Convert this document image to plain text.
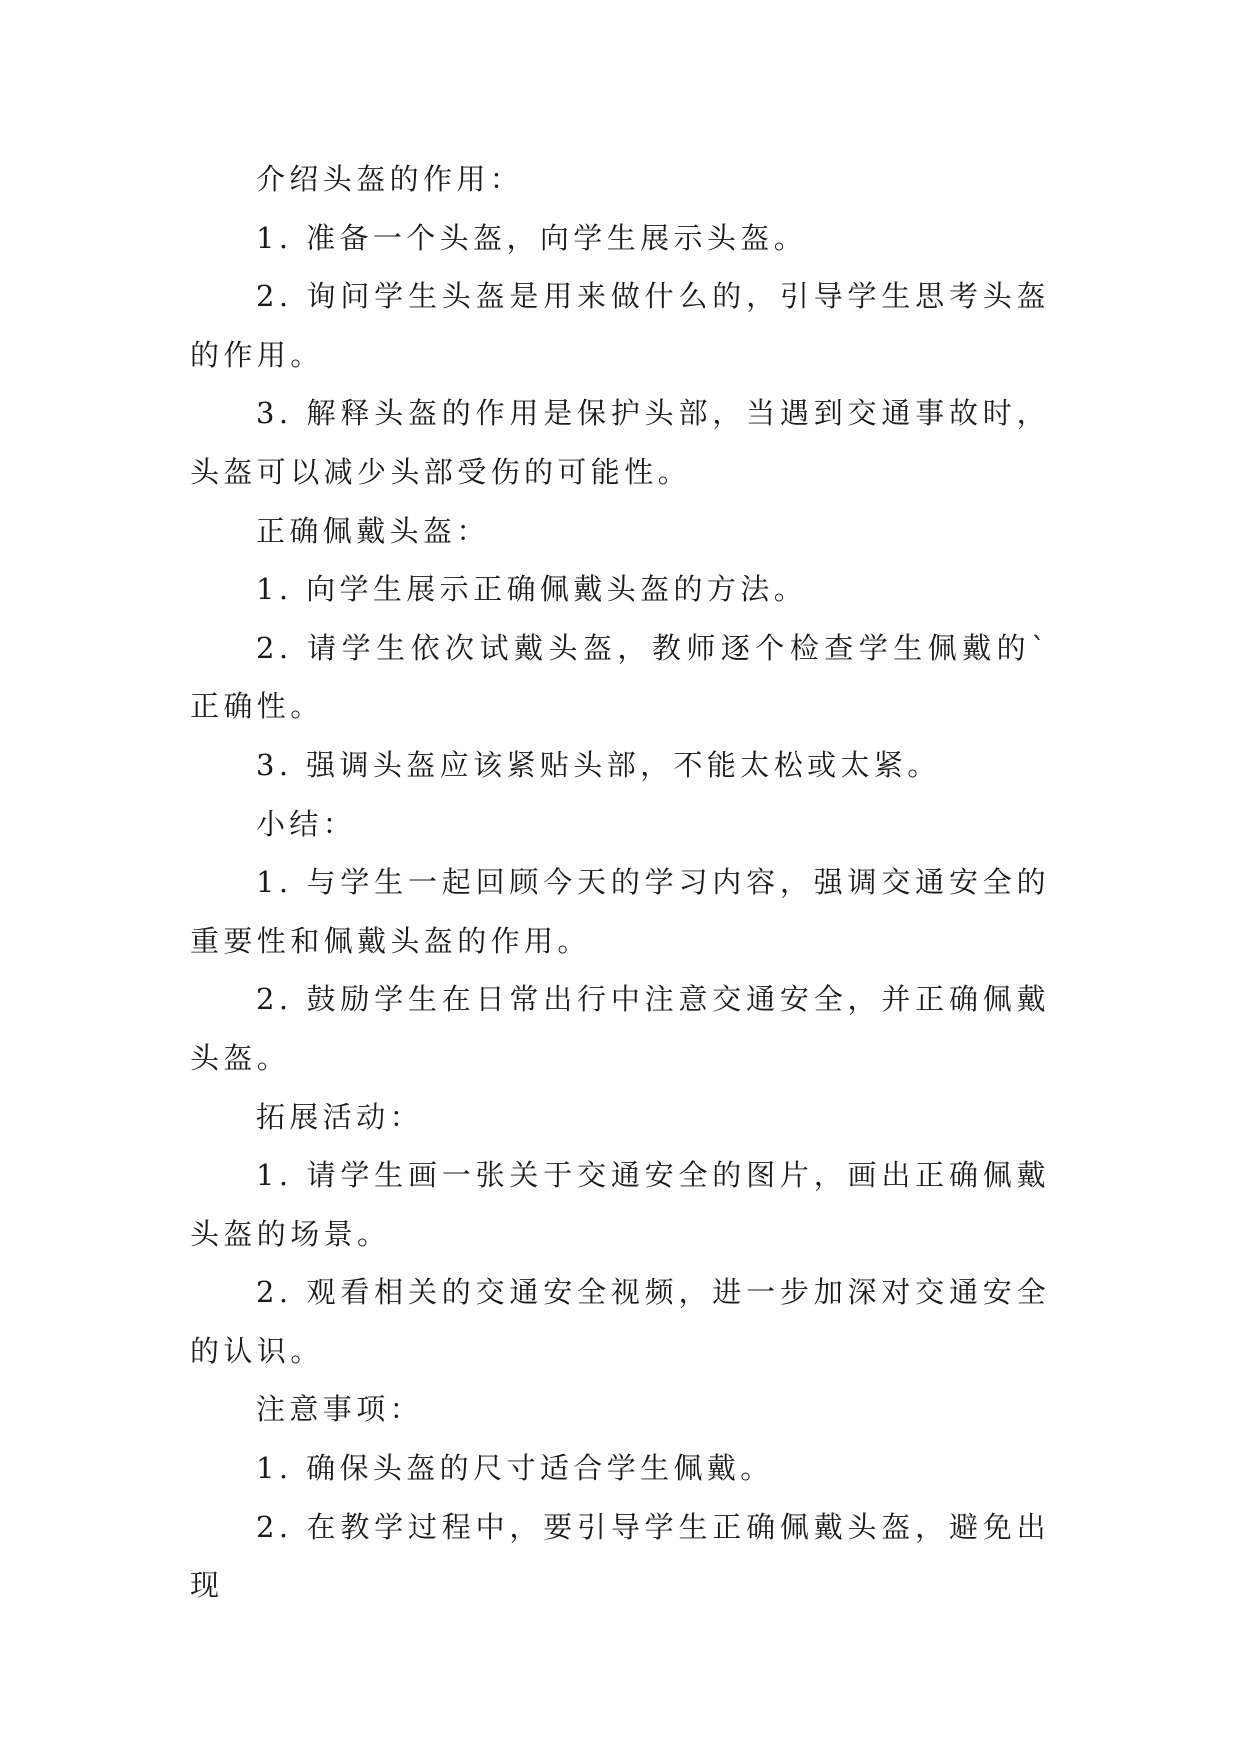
介绍头盔的作用：

1. 准备一个头盔，向学生展示头盔。

2. 询问学生头盔是用来做什么的，引导学生思考头盔的作用。

3. 解释头盔的作用是保护头部，当遇到交通事故时，头盔可以减少头部受伤的可能性。

正确佩戴头盔：

1. 向学生展示正确佩戴头盔的方法。

2. 请学生依次试戴头盔，教师逐个检查学生佩戴的`正确性。

3. 强调头盔应该紧贴头部，不能太松或太紧。

小结：

1. 与学生一起回顾今天的学习内容，强调交通安全的重要性和佩戴头盔的作用。

2. 鼓励学生在日常出行中注意交通安全，并正确佩戴头盔。

拓展活动：

1. 请学生画一张关于交通安全的图片，画出正确佩戴头盔的场景。

2. 观看相关的交通安全视频，进一步加深对交通安全的认识。

注意事项：

1. 确保头盔的尺寸适合学生佩戴。

2. 在教学过程中，要引导学生正确佩戴头盔，避免出现
